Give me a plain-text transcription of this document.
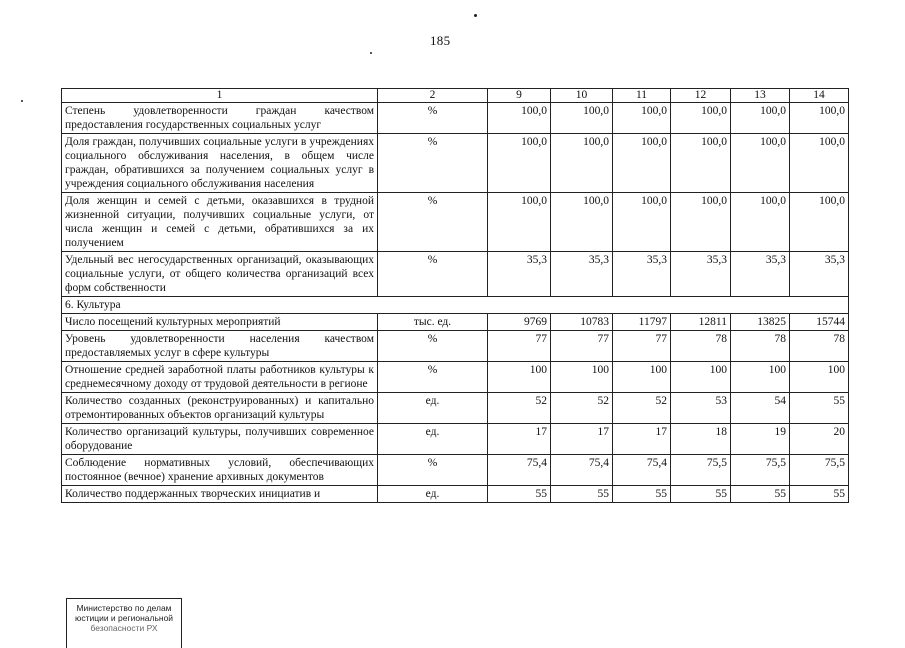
185
1	2	9	10	11	12	13	14
Степень удовлетворенности граждан качеством предоставления государственных социальных услуг	%	100,0	100,0	100,0	100,0	100,0	100,0
Доля граждан, получивших социальные услуги в учреждениях социального обслуживания населения, в общем числе граждан, обратившихся за получением социальных услуг в учреждения социального обслуживания населения	%	100,0	100,0	100,0	100,0	100,0	100,0
Доля женщин и семей с детьми, оказавшихся в трудной жизненной ситуации, получивших социальные услуги, от числа женщин и семей с детьми, обратившихся за их получением	%	100,0	100,0	100,0	100,0	100,0	100,0
Удельный вес негосударственных организаций, оказывающих социальные услуги, от общего количества организаций всех форм собственности	%	35,3	35,3	35,3	35,3	35,3	35,3
6. Культура							
Число посещений культурных мероприятий	тыс. ед.	9769	10783	11797	12811	13825	15744
Уровень удовлетворенности населения качеством предоставляемых услуг в сфере культуры	%	77	77	77	78	78	78
Отношение средней заработной платы работников культуры к среднемесячному доходу от трудовой деятельности в регионе	%	100	100	100	100	100	100
Количество созданных (реконструированных) и капитально отремонтированных объектов организаций культуры	ед.	52	52	52	53	54	55
Количество организаций культуры, получивших современное оборудование	ед.	17	17	17	18	19	20
Соблюдение нормативных условий, обеспечивающих постоянное (вечное) хранение архивных документов	%	75,4	75,4	75,4	75,5	75,5	75,5
Количество поддержанных творческих инициатив и	ед.	55	55	55	55	55	55
Министерство по делам
юстиции и региональной
безопасности РХ
